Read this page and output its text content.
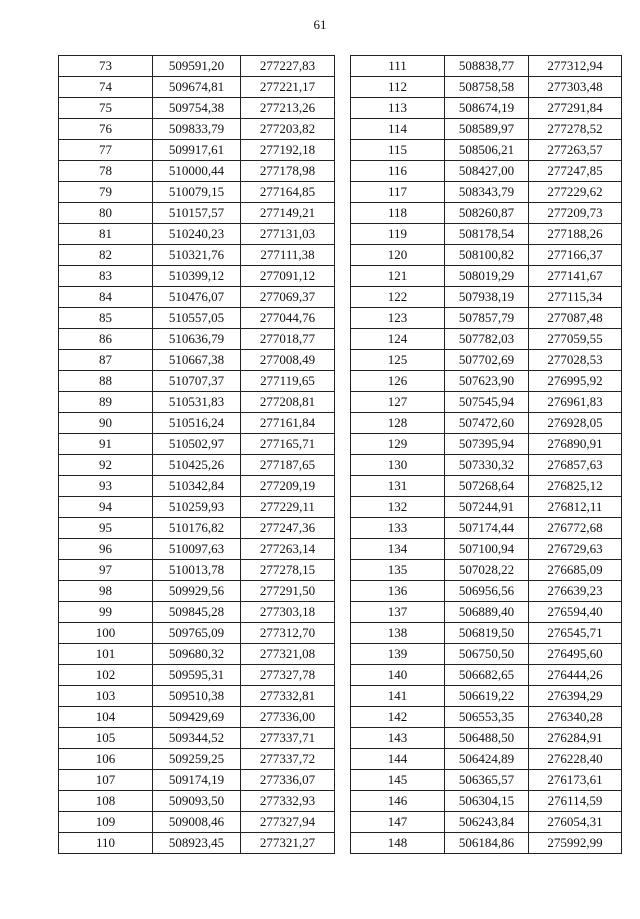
61
73	509591,20	277227,83
74	509674,81	277221,17
75	509754,38	277213,26
76	509833,79	277203,82
77	509917,61	277192,18
78	510000,44	277178,98
79	510079,15	277164,85
80	510157,57	277149,21
81	510240,23	277131,03
82	510321,76	277111,38
83	510399,12	277091,12
84	510476,07	277069,37
85	510557,05	277044,76
86	510636,79	277018,77
87	510667,38	277008,49
88	510707,37	277119,65
89	510531,83	277208,81
90	510516,24	277161,84
91	510502,97	277165,71
92	510425,26	277187,65
93	510342,84	277209,19
94	510259,93	277229,11
95	510176,82	277247,36
96	510097,63	277263,14
97	510013,78	277278,15
98	509929,56	277291,50
99	509845,28	277303,18
100	509765,09	277312,70
101	509680,32	277321,08
102	509595,31	277327,78
103	509510,38	277332,81
104	509429,69	277336,00
105	509344,52	277337,71
106	509259,25	277337,72
107	509174,19	277336,07
108	509093,50	277332,93
109	509008,46	277327,94
110	508923,45	277321,27
111	508838,77	277312,94
112	508758,58	277303,48
113	508674,19	277291,84
114	508589,97	277278,52
115	508506,21	277263,57
116	508427,00	277247,85
117	508343,79	277229,62
118	508260,87	277209,73
119	508178,54	277188,26
120	508100,82	277166,37
121	508019,29	277141,67
122	507938,19	277115,34
123	507857,79	277087,48
124	507782,03	277059,55
125	507702,69	277028,53
126	507623,90	276995,92
127	507545,94	276961,83
128	507472,60	276928,05
129	507395,94	276890,91
130	507330,32	276857,63
131	507268,64	276825,12
132	507244,91	276812,11
133	507174,44	276772,68
134	507100,94	276729,63
135	507028,22	276685,09
136	506956,56	276639,23
137	506889,40	276594,40
138	506819,50	276545,71
139	506750,50	276495,60
140	506682,65	276444,26
141	506619,22	276394,29
142	506553,35	276340,28
143	506488,50	276284,91
144	506424,89	276228,40
145	506365,57	276173,61
146	506304,15	276114,59
147	506243,84	276054,31
148	506184,86	275992,99
